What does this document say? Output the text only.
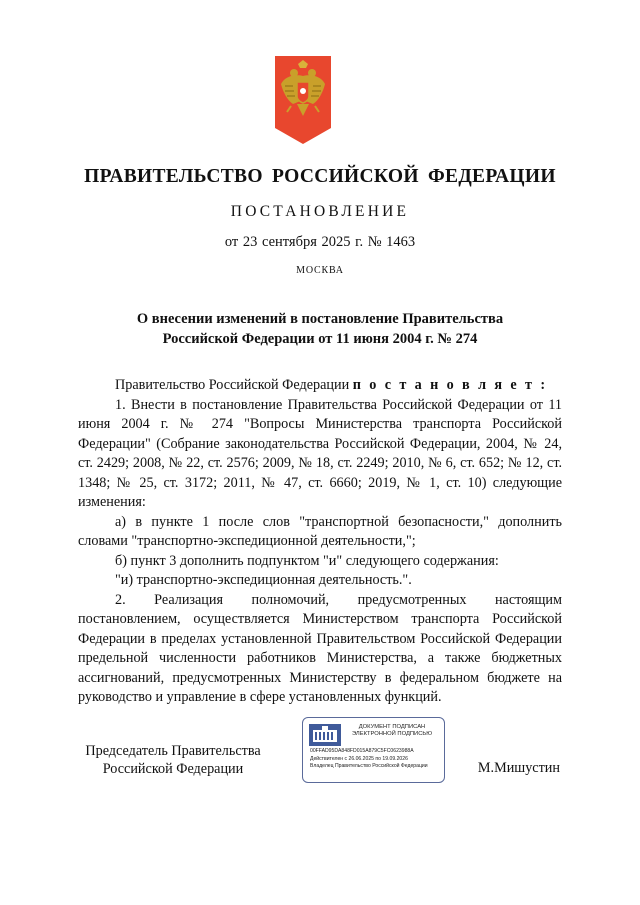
ПРАВИТЕЛЬСТВО РОССИЙСКОЙ ФЕДЕРАЦИИ
ПОСТАНОВЛЕНИЕ
от 23 сентября 2025 г. № 1463
МОСКВА
О внесении изменений в постановление Правительства
Российской Федерации от 11 июня 2004 г. № 274

Правительство Российской Федерации п о с т а н о в л я е т :

1. Внести в постановление Правительства Российской Федерации от 11 июня 2004 г. № 274 "Вопросы Министерства транспорта Российской Федерации" (Собрание законодательства Российской Федерации, 2004, № 24, ст. 2429; 2008, № 22, ст. 2576; 2009, № 18, ст. 2249; 2010, № 6, ст. 652; № 12, ст. 1348; № 25, ст. 3172; 2011, № 47, ст. 6660; 2019, № 1, ст. 10) следующие изменения:

а) в пункте 1 после слов "транспортной безопасности," дополнить словами "транспортно-экспедиционной деятельности,";

б) пункт 3 дополнить подпунктом "и" следующего содержания:

"и) транспортно-экспедиционная деятельность.".

2. Реализация полномочий, предусмотренных настоящим постановлением, осуществляется Министерством транспорта Российской Федерации в пределах установленной Правительством Российской Федерации предельной численности работников Министерства, а также бюджетных ассигнований, предусмотренных Министерству в федеральном бюджете на руководство и управление в сфере установленных функций.

Председатель Правительства
Российской Федерации
ДОКУМЕНТ ПОДПИСАН
ЭЛЕКТРОННОЙ ПОДПИСЬЮ
00FFAD95DA848FD015A879C5FC0623988A
Действителен с 26.06.2025 по 19.09.2026
Владелец Правительство Российской Федерации	М.Мишустин
